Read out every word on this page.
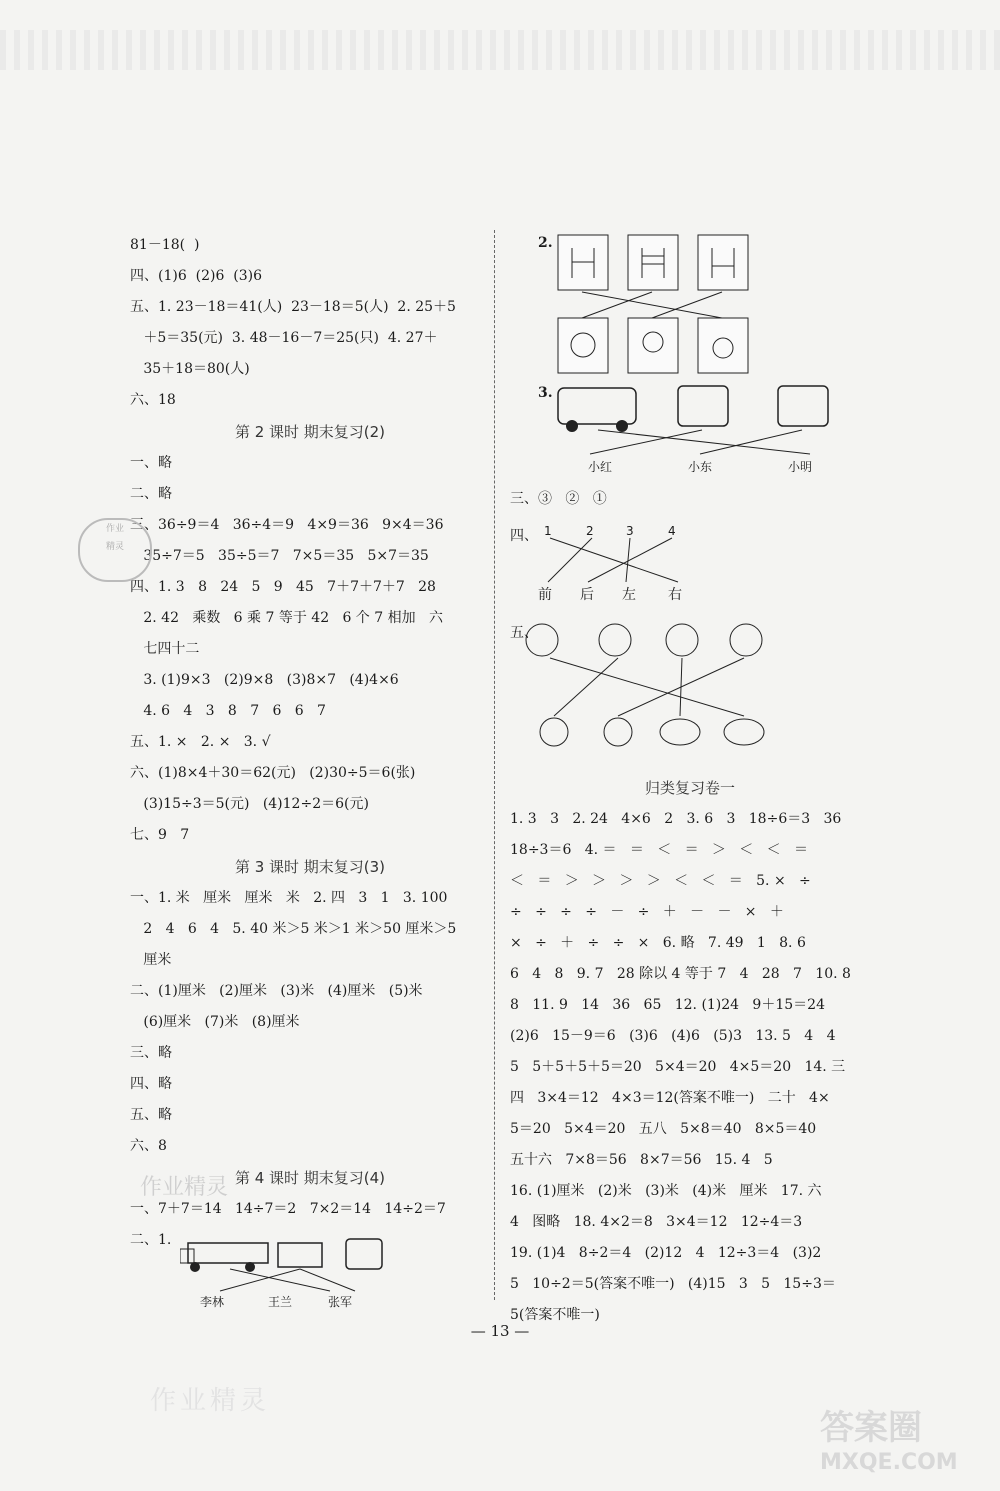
81－18(  )
四、(1)6  (2)6  (3)6
五、1. 23－18＝41(人)  23－18＝5(人)  2. 25＋5
＋5＝35(元)  3. 48－16－7＝25(只)  4. 27＋
35＋18＝80(人)
六、18
第 2 课时 期末复习(2)
一、略
二、略
三、36÷9＝4   36÷4＝9   4×9＝36   9×4＝36
35÷7＝5   35÷5＝7   7×5＝35   5×7＝35
四、1. 3   8   24   5   9   45   7＋7＋7＋7   28
2. 42   乘数   6 乘 7 等于 42   6 个 7 相加   六
七四十二
3. (1)9×3   (2)9×8   (3)8×7   (4)4×6
4. 6   4   3   8   7   6   6   7
五、1. ×   2. ×   3. √
六、(1)8×4＋30＝62(元)   (2)30÷5＝6(张)
(3)15÷3＝5(元)   (4)12÷2＝6(元)
七、9   7
第 3 课时 期末复习(3)
一、1. 米   厘米   厘米   米   2. 四   3   1   3. 100
2   4   6   4   5. 40 米＞5 米＞1 米＞50 厘米＞5
厘米
二、(1)厘米   (2)厘米   (3)米   (4)厘米   (5)米
(6)厘米   (7)米   (8)厘米
三、略
四、略
五、略
六、8
第 4 课时 期末复习(4)
一、7＋7＝14   14÷7＝2   7×2＝14   14÷2＝7
二、1.
李林	王兰	张军
2.
3.
小红	小东	小明
三、③   ②   ①
四、 1	2	3	4
前 后 左 右
五、
归类复习卷一
1. 3   3   2. 24   4×6   2   3. 6   3   18÷6＝3   36
18÷3＝6   4. ＝   ＝   ＜   ＝   ＞   ＜   ＜   ＝
＜   ＝   ＞   ＞   ＞   ＞   ＜   ＜   ＝   5. ×   ÷
÷   ÷   ÷   ÷   －   ÷   ＋   －   －   ×   ＋
×   ÷   ＋   ÷   ÷   ×   6. 略   7. 49   1   8. 6
6   4   8   9. 7   28 除以 4 等于 7   4   28   7   10. 8
8   11. 9   14   36   65   12. (1)24   9＋15＝24
(2)6   15－9＝6   (3)6   (4)6   (5)3   13. 5   4   4
5   5＋5＋5＋5＝20   5×4＝20   4×5＝20   14. 三
四   3×4＝12   4×3＝12(答案不唯一)   二十   4×
5＝20   5×4＝20   五八   5×8＝40   8×5＝40
五十六   7×8＝56   8×7＝56   15. 4   5
16. (1)厘米   (2)米   (3)米   (4)米   厘米   17. 六
4   图略   18. 4×2＝8   3×4＝12   12÷4＝3
19. (1)4   8÷2＝4   (2)12   4   12÷3＝4   (3)2
5   10÷2＝5(答案不唯一)   (4)15   3   5   15÷3＝
5(答案不唯一)
作业
精灵
作业精灵
— 13 —
作业精灵
答案圈
MXQE.COM
